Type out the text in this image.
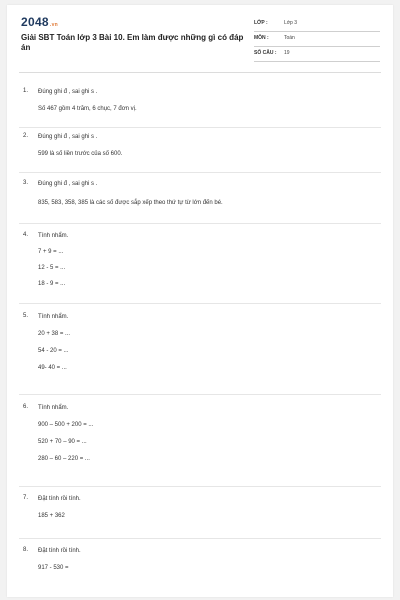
2048.vn
Giải SBT Toán lớp 3 Bài 10. Em làm được những gì có đáp án
LỚP :	Lớp 3
MÔN :	Toán
SỐ CÂU : 19
1. Đúng ghi đ , sai ghi s .
Số 467 gồm 4 trăm, 6 chục, 7 đơn vị.
2. Đúng ghi đ , sai ghi s .
599 là số liền trước của số 600.
3. Đúng ghi đ , sai ghi s .
835, 583, 358, 385 là các số được sắp xếp theo thứ tự từ lớn đến bé.
4. Tính nhẩm.
7 + 9 = ...
12 - 5 = ...
18 - 9 = ...
5. Tính nhẩm.
20 + 38 = ...
54 - 20 = ...
49- 40 = ...
6. Tính nhẩm.
900 – 500 + 200 = ...
520 + 70 – 90 = ...
280 – 60 – 220 = ...
7. Đặt tính rồi tính.
185 + 362
8. Đặt tính rồi tính.
917 - 530 =
